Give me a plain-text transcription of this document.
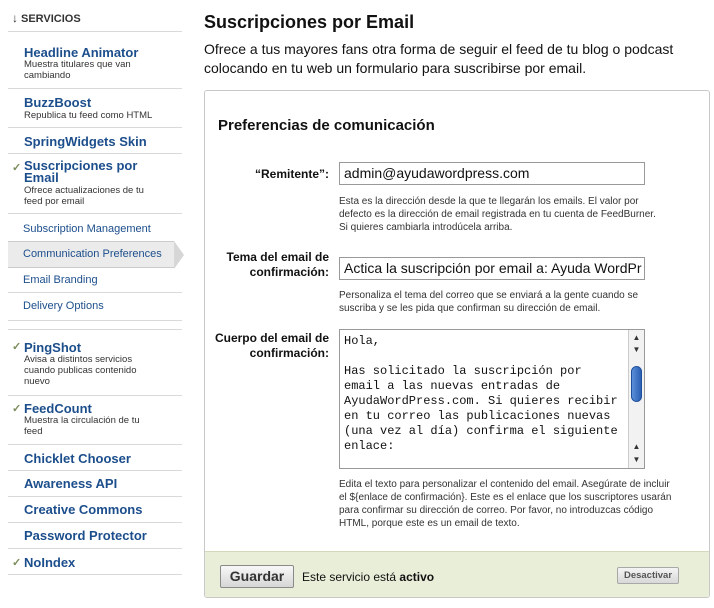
↓ SERVICIOS
Headline Animator
Muestra titulares que van cambiando
BuzzBoost
Republica tu feed como HTML
SpringWidgets Skin
✓ Suscripciones por Email
Ofrece actualizaciones de tu feed por email
Subscription Management
Communication Preferences
Email Branding
Delivery Options
✓ PingShot
Avisa a distintos servicios cuando publicas contenido nuevo
✓ FeedCount
Muestra la circulación de tu feed
Chicklet Chooser
Awareness API
Creative Commons
Password Protector
✓ NoIndex
Suscripciones por Email
Ofrece a tus mayores fans otra forma de seguir el feed de tu blog o podcast colocando en tu web un formulario para suscribirse por email.
Preferencias de comunicación
“Remitente”:	admin@ayudawordpress.com
Esta es la dirección desde la que te llegarán los emails. El valor por defecto es la dirección de email registrada en tu cuenta de FeedBurner. Si quieres cambiarla introdúcela arriba.
Tema del email de confirmación:	Actica la suscripción por email a: Ayuda WordPr
Personaliza el tema del correo que se enviará a la gente cuando se suscriba y se les pida que confirman su dirección de email.
Cuerpo del email de confirmación:
Hola,

Has solicitado la suscripción por email a las nuevas entradas de AyudaWordPress.com. Si quieres recibir en tu correo las publicaciones nuevas (una vez al día) confirma el siguiente enlace:
▲
▼
▲
▼
Edita el texto para personalizar el contenido del email. Asegúrate de incluir el ${enlace de confirmación}. Este es el enlace que los suscriptores usarán para confirmar su dirección de correo. Por favor, no introduzcas código HTML, porque este es un email de texto.
Guardar	Este servicio está activo	Desactivar
